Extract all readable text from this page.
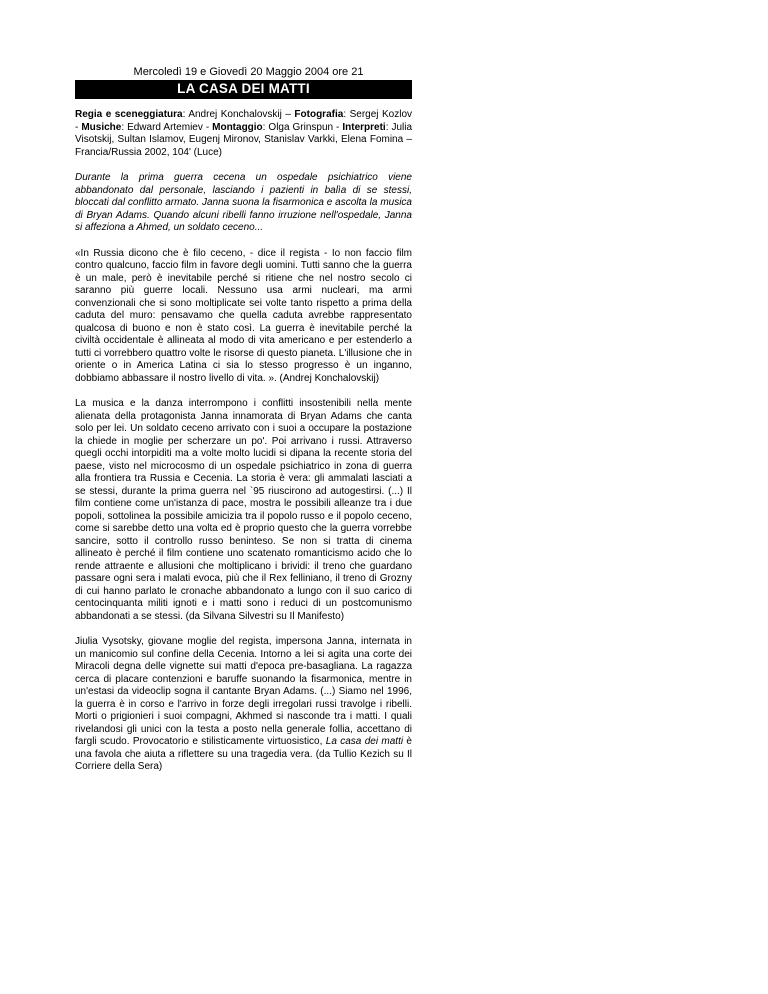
Mercoledì 19 e Giovedì 20 Maggio 2004 ore 21
LA CASA DEI MATTI
Regia e sceneggiatura: Andrej Konchalovskij – Fotografia: Sergej Kozlov - Musiche: Edward Artemiev - Montaggio: Olga Grinspun - Interpreti: Julia Visotskij, Sultan Islamov, Eugenj Mironov, Stanislav Varkki, Elena Fomina – Francia/Russia 2002, 104' (Luce)
Durante la prima guerra cecena un ospedale psichiatrico viene abbandonato dal personale, lasciando i pazienti in balìa di se stessi, bloccati dal conflitto armato. Janna suona la fisarmonica e ascolta la musica di Bryan Adams. Quando alcuni ribelli fanno irruzione nell'ospedale, Janna si affeziona a Ahmed, un soldato ceceno...
«In Russia dicono che è filo ceceno, - dice il regista - Io non faccio film contro qualcuno, faccio film in favore degli uomini. Tutti sanno che la guerra è un male, però è inevitabile perché si ritiene che nel nostro secolo ci saranno più guerre locali. Nessuno usa armi nucleari, ma armi convenzionali che si sono moltiplicate sei volte tanto rispetto a prima della caduta del muro: pensavamo che quella caduta avrebbe rappresentato qualcosa di buono e non è stato così. La guerra è inevitabile perché la civiltà occidentale è allineata al modo di vita americano e per estenderlo a tutti ci vorrebbero quattro volte le risorse di questo pianeta. L'illusione che in oriente o in America Latina ci sia lo stesso progresso è un inganno, dobbiamo abbassare il nostro livello di vita. ». (Andrej Konchalovskij)
La musica e la danza interrompono i conflitti insostenibili nella mente alienata della protagonista Janna innamorata di Bryan Adams che canta solo per lei. Un soldato ceceno arrivato con i suoi a occupare la postazione la chiede in moglie per scherzare un po'. Poi arrivano i russi. Attraverso quegli occhi intorpiditi ma a volte molto lucidi si dipana la recente storia del paese, visto nel microcosmo di un ospedale psichiatrico in zona di guerra alla frontiera tra Russia e Cecenia. La storia è vera: gli ammalati lasciati a se stessi, durante la prima guerra nel `95 riuscirono ad autogestirsi. (...) Il film contiene come un'istanza di pace, mostra le possibili alleanze tra i due popoli, sottolinea la possibile amicizia tra il popolo russo e il popolo ceceno, come si sarebbe detto una volta ed è proprio questo che la guerra vorrebbe sancire, sotto il controllo russo beninteso. Se non si tratta di cinema allineato è perché il film contiene uno scatenato romanticismo acido che lo rende attraente e allusioni che moltiplicano i brividi: il treno che guardano passare ogni sera i malati evoca, più che il Rex felliniano, il treno di Grozny di cui hanno parlato le cronache abbandonato a lungo con il suo carico di centocinquanta militi ignoti e i matti sono i reduci di un postcomunismo abbandonati a se stessi. (da Silvana Silvestri su Il Manifesto)
Jiulia Vysotsky, giovane moglie del regista, impersona Janna, internata in un manicomio sul confine della Cecenia. Intorno a lei si agita una corte dei Miracoli degna delle vignette sui matti d'epoca pre-basagliana. La ragazza cerca di placare contenzioni e baruffe suonando la fisarmonica, mentre in un'estasi da videoclip sogna il cantante Bryan Adams. (...) Siamo nel 1996, la guerra è in corso e l'arrivo in forze degli irregolari russi travolge i ribelli. Morti o prigionieri i suoi compagni, Akhmed si nasconde tra i matti. I quali rivelandosi gli unici con la testa a posto nella generale follia, accettano di fargli scudo. Provocatorio e stilisticamente virtuosistico, La casa dei matti è una favola che aiuta a riflettere su una tragedia vera. (da Tullio Kezich su Il Corriere della Sera)
